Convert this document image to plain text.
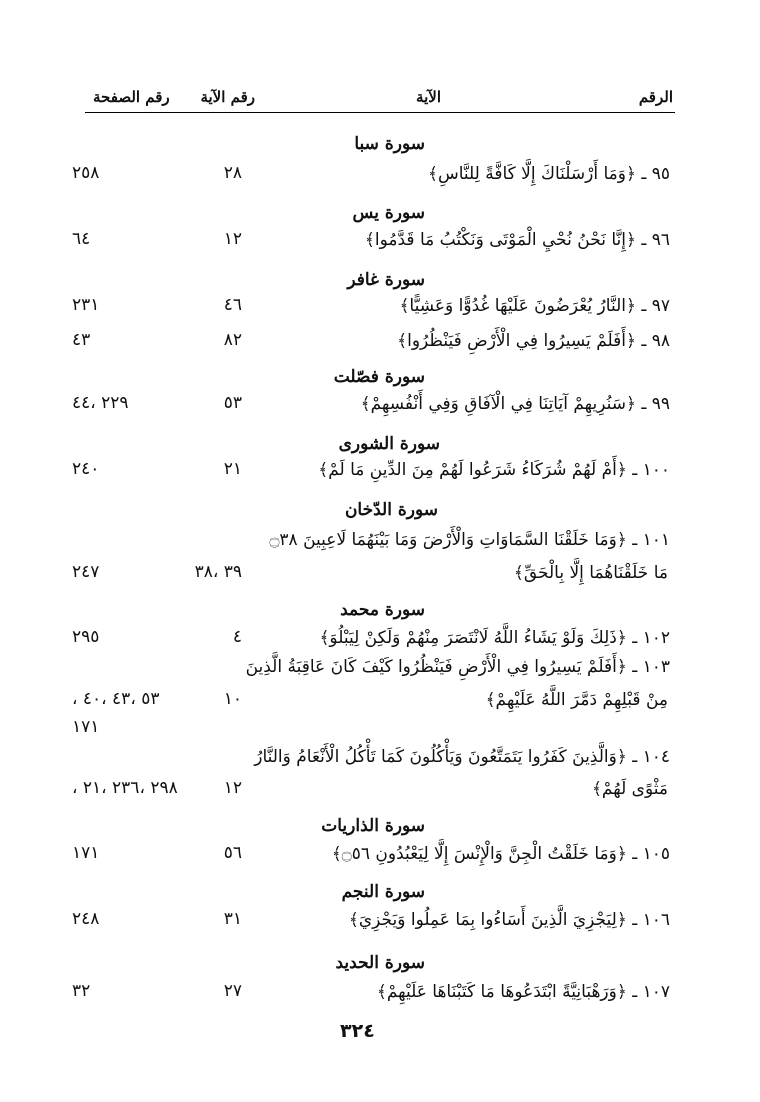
الرقم
الآية
رقم الآية
رقم الصفحة
سورة سبا
٩٥ ـ ﴿وَمَا أَرْسَلْنَاكَ إِلَّا كَافَّةً لِلنَّاسِ﴾
٢٨
٢٥٨
سورة يس
٩٦ ـ ﴿إِنَّا نَحْنُ نُحْيِ الْمَوْتَى وَنَكْتُبُ مَا قَدَّمُوا﴾
١٢
٦٤
سورة غافر
٩٧ ـ ﴿النَّارُ يُعْرَضُونَ عَلَيْهَا غُدُوًّا وَعَشِيًّا﴾
٤٦
٢٣١
٩٨ ـ ﴿أَفَلَمْ يَسِيرُوا فِي الْأَرْضِ فَيَنْظُرُوا﴾
٨٢
٤٣
سورة فصّلت
٩٩ ـ ﴿سَنُرِيهِمْ آيَاتِنَا فِي الْآفَاقِ وَفِي أَنْفُسِهِمْ﴾
٥٣
٢٢٩ ،٤٤
سورة الشورى
١٠٠ ـ ﴿أَمْ لَهُمْ شُرَكَاءُ شَرَعُوا لَهُمْ مِنَ الدِّينِ مَا لَمْ﴾
٢١
٢٤٠
سورة الدّخان
١٠١ ـ ﴿وَمَا خَلَقْنَا السَّمَاوَاتِ وَالْأَرْضَ وَمَا بَيْنَهُمَا لَاعِبِينَ ۝٣٨
مَا خَلَقْنَاهُمَا إِلَّا بِالْحَقِّ﴾
٣٩ ،٣٨
٢٤٧
سورة محمد
١٠٢ ـ ﴿ذَلِكَ وَلَوْ يَشَاءُ اللَّهُ لَانْتَصَرَ مِنْهُمْ وَلَكِنْ لِيَبْلُوَ﴾
٤
٢٩٥
١٠٣ ـ ﴿أَفَلَمْ يَسِيرُوا فِي الْأَرْضِ فَيَنْظُرُوا كَيْفَ كَانَ عَاقِبَةُ الَّذِينَ
مِنْ قَبْلِهِمْ دَمَّرَ اللَّهُ عَلَيْهِمْ﴾
١٠
٥٣ ،٤٣ ،٤٠ ،
١٧١
١٠٤ ـ ﴿وَالَّذِينَ كَفَرُوا يَتَمَتَّعُونَ وَيَأْكُلُونَ كَمَا تَأْكُلُ الْأَنْعَامُ وَالنَّارُ
مَثْوًى لَهُمْ﴾
١٢
٢٩٨ ،٢٣٦ ،٢١ ،
سورة الذاريات
١٠٥ ـ ﴿وَمَا خَلَقْتُ الْجِنَّ وَالْإِنْسَ إِلَّا لِيَعْبُدُونِ ۝٥٦﴾
٥٦
١٧١
سورة النجم
١٠٦ ـ ﴿لِيَجْزِيَ الَّذِينَ أَسَاءُوا بِمَا عَمِلُوا وَيَجْزِيَ﴾
٣١
٢٤٨
سورة الحديد
١٠٧ ـ ﴿وَرَهْبَانِيَّةً ابْتَدَعُوهَا مَا كَتَبْنَاهَا عَلَيْهِمْ﴾
٢٧
٣٢
٣٢٤
